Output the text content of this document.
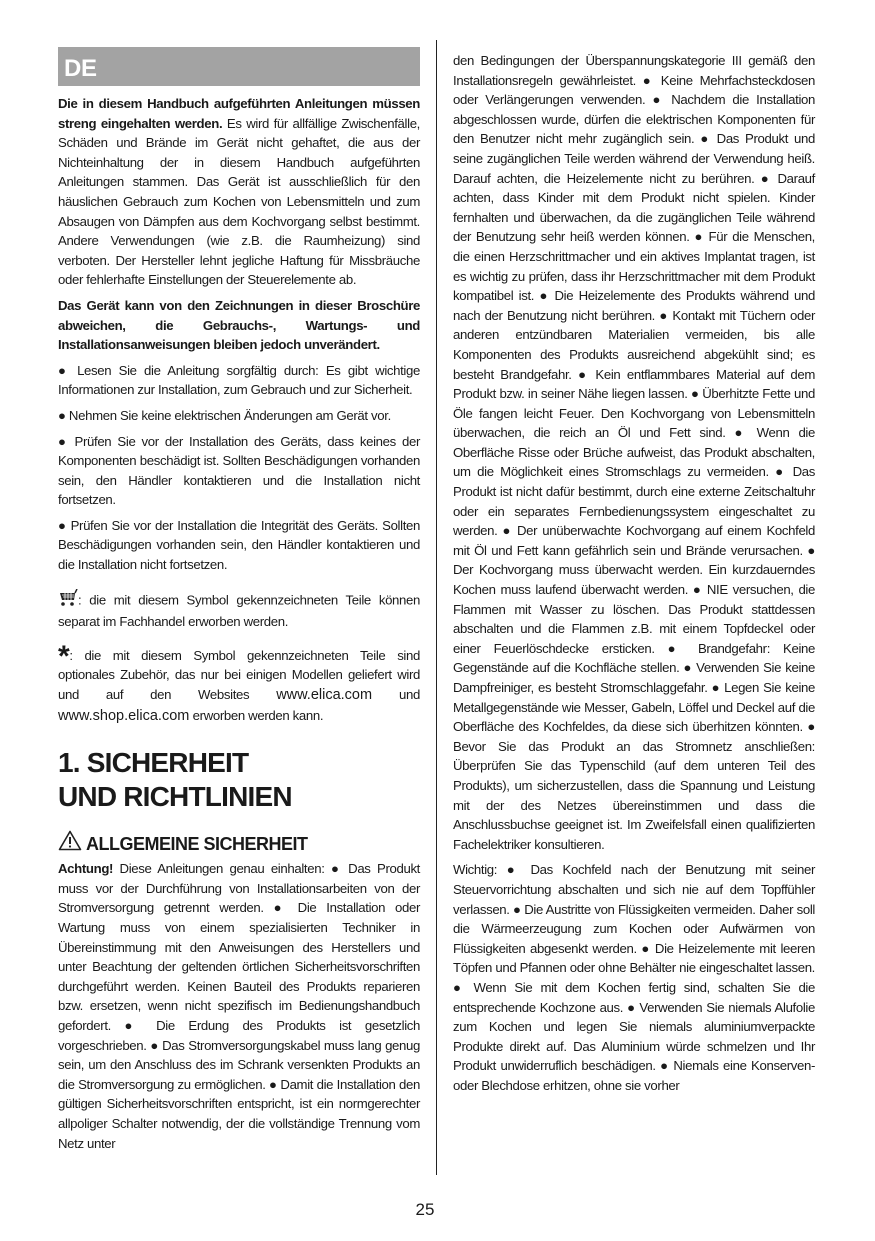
DE

Die in diesem Handbuch aufgeführten Anleitungen müssen streng eingehalten werden. Es wird für allfällige Zwischenfälle, Schäden und Brände im Gerät nicht gehaftet, die aus der Nichteinhaltung der in diesem Handbuch aufgeführten Anleitungen stammen. Das Gerät ist ausschließlich für den häuslichen Gebrauch zum Kochen von Lebensmitteln und zum Absaugen von Dämpfen aus dem Kochvorgang selbst bestimmt. Andere Verwendungen (wie z.B. die Raumheizung) sind verboten. Der Hersteller lehnt jegliche Haftung für Missbräuche oder fehlerhafte Einstellungen der Steuerelemente ab.

Das Gerät kann von den Zeichnungen in dieser Broschüre abweichen, die Gebrauchs-, Wartungs- und Installationsanweisungen bleiben jedoch unverändert.

● Lesen Sie die Anleitung sorgfältig durch: Es gibt wichtige Informationen zur Installation, zum Gebrauch und zur Sicherheit.

● Nehmen Sie keine elektrischen Änderungen am Gerät vor.

● Prüfen Sie vor der Installation des Geräts, dass keines der Komponenten beschädigt ist. Sollten Beschädigungen vorhanden sein, den Händler kontaktieren und die Installation nicht fortsetzen.

● Prüfen Sie vor der Installation die Integrität des Geräts. Sollten Beschädigungen vorhanden sein, den Händler kontaktieren und die Installation nicht fortsetzen.

: die mit diesem Symbol gekennzeichneten Teile können separat im Fachhandel erworben werden.

*: die mit diesem Symbol gekennzeichneten Teile sind optionales Zubehör, das nur bei einigen Modellen geliefert wird und auf den Websites www.elica.com und www.shop.elica.com erworben werden kann.

1. SICHERHEIT UND RICHTLINIEN
ALLGEMEINE SICHERHEIT

Achtung! Diese Anleitungen genau einhalten: ● Das Produkt muss vor der Durchführung von Installationsarbeiten von der Stromversorgung getrennt werden. ● Die Installation oder Wartung muss von einem spezialisierten Techniker in Übereinstimmung mit den Anweisungen des Herstellers und unter Beachtung der geltenden örtlichen Sicherheitsvorschriften durchgeführt werden. Keinen Bauteil des Produkts reparieren bzw. ersetzen, wenn nicht spezifisch im Bedienungshandbuch gefordert. ● Die Erdung des Produkts ist gesetzlich vorgeschrieben. ● Das Stromversorgungskabel muss lang genug sein, um den Anschluss des im Schrank versenkten Produkts an die Stromversorgung zu ermöglichen. ● Damit die Installation den gültigen Sicherheitsvorschriften entspricht, ist ein normgerechter allpoliger Schalter notwendig, der die vollständige Trennung vom Netz unter

den Bedingungen der Überspannungskategorie III gemäß den Installationsregeln gewährleistet. ● Keine Mehrfachsteckdosen oder Verlängerungen verwenden. ● Nachdem die Installation abgeschlossen wurde, dürfen die elektrischen Komponenten für den Benutzer nicht mehr zugänglich sein. ● Das Produkt und seine zugänglichen Teile werden während der Verwendung heiß. Darauf achten, die Heizelemente nicht zu berühren. ● Darauf achten, dass Kinder mit dem Produkt nicht spielen. Kinder fernhalten und überwachen, da die zugänglichen Teile während der Benutzung sehr heiß werden können. ● Für die Menschen, die einen Herzschrittmacher und ein aktives Implantat tragen, ist es wichtig zu prüfen, dass ihr Herzschrittmacher mit dem Produkt kompatibel ist. ● Die Heizelemente des Produkts während und nach der Benutzung nicht berühren. ● Kontakt mit Tüchern oder anderen entzündbaren Materialien vermeiden, bis alle Komponenten des Produkts ausreichend abgekühlt sind; es besteht Brandgefahr. ● Kein entflammbares Material auf dem Produkt bzw. in seiner Nähe liegen lassen. ● Überhitzte Fette und Öle fangen leicht Feuer. Den Kochvorgang von Lebensmitteln überwachen, die reich an Öl und Fett sind. ● Wenn die Oberfläche Risse oder Brüche aufweist, das Produkt abschalten, um die Möglichkeit eines Stromschlags zu vermeiden. ● Das Produkt ist nicht dafür bestimmt, durch eine externe Zeitschaltuhr oder ein separates Fernbedienungssystem eingeschaltet zu werden. ● Der unüberwachte Kochvorgang auf einem Kochfeld mit Öl und Fett kann gefährlich sein und Brände verursachen. ● Der Kochvorgang muss überwacht werden. Ein kurzdauerndes Kochen muss laufend überwacht werden. ● NIE versuchen, die Flammen mit Wasser zu löschen. Das Produkt stattdessen abschalten und die Flammen z.B. mit einem Topfdeckel oder einer Feuerlöschdecke ersticken. ● Brandgefahr: Keine Gegenstände auf die Kochfläche stellen. ● Verwenden Sie keine Dampfreiniger, es besteht Stromschlaggefahr. ● Legen Sie keine Metallgegenstände wie Messer, Gabeln, Löffel und Deckel auf die Oberfläche des Kochfeldes, da diese sich überhitzen könnten. ● Bevor Sie das Produkt an das Stromnetz anschließen: Überprüfen Sie das Typenschild (auf dem unteren Teil des Produkts), um sicherzustellen, dass die Spannung und Leistung mit der des Netzes übereinstimmen und dass die Anschlussbuchse geeignet ist. Im Zweifelsfall einen qualifizierten Fachelektriker konsultieren.

Wichtig: ● Das Kochfeld nach der Benutzung mit seiner Steuervorrichtung abschalten und sich nie auf dem Topffühler verlassen. ● Die Austritte von Flüssigkeiten vermeiden. Daher soll die Wärmeerzeugung zum Kochen oder Aufwärmen von Flüssigkeiten abgesenkt werden. ● Die Heizelemente mit leeren Töpfen und Pfannen oder ohne Behälter nie eingeschaltet lassen. ● Wenn Sie mit dem Kochen fertig sind, schalten Sie die entsprechende Kochzone aus. ● Verwenden Sie niemals Alufolie zum Kochen und legen Sie niemals aluminiumverpackte Produkte direkt auf. Das Aluminium würde schmelzen und Ihr Produkt unwiderruflich beschädigen. ● Niemals eine Konserven- oder Blechdose erhitzen, ohne sie vorher

25
